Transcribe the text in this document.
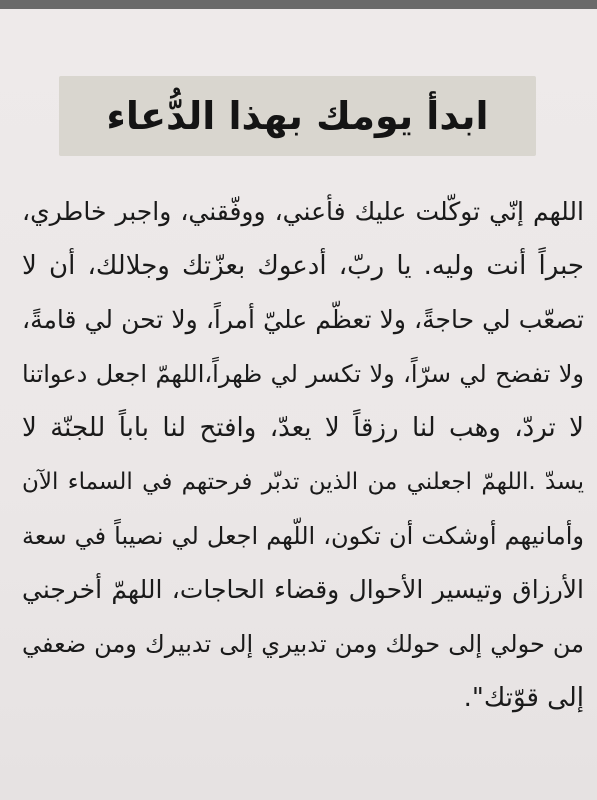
ابدأ يومك بهذا الدُّعاء
اللهم إنّي توكّلت عليك فأعني، ووفّقني، واجبر خاطري،
جبراً أنت وليه. يا ربّ، أدعوك بعزّتك وجلالك، أن لا
تصعّب لي حاجةً، ولا تعظّم عليّ أمراً، ولا تحن لي قامةً،
ولا تفضح لي سرّاً، ولا تكسر لي ظهراً،اللهمّ اجعل دعواتنا
لا تردّ، وهب لنا رزقاً لا يعدّ، وافتح لنا باباً للجنّة لا
يسدّ .اللهمّ اجعلني من الذين تدبّر فرحتهم في السماء الآن
وأمانيهم أوشكت أن تكون، اللّهم اجعل لي نصيباً في سعة
الأرزاق وتيسير الأحوال وقضاء الحاجات، اللهمّ أخرجني
من حولي إلى حولك ومن تدبيري إلى تدبيرك ومن ضعفي
إلى قوّتك".
